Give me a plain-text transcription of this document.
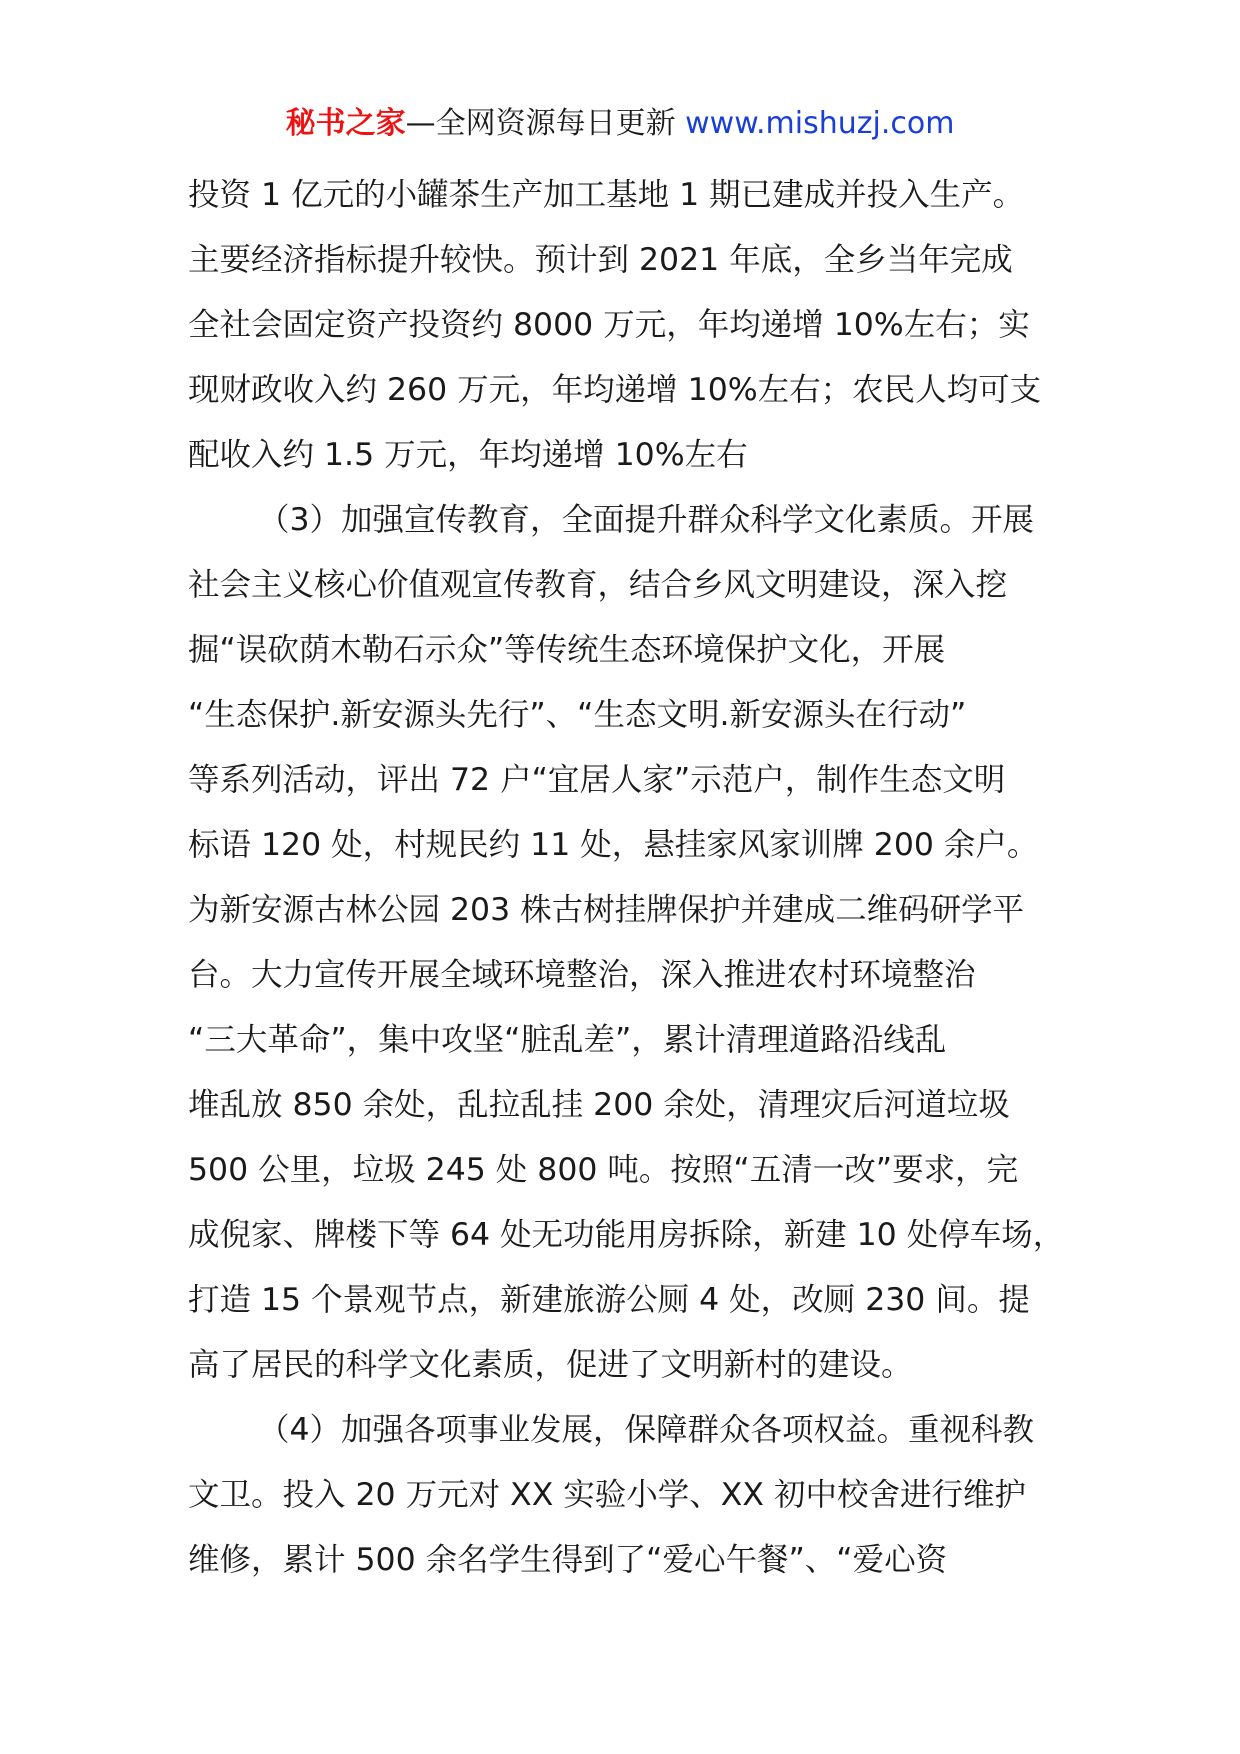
秘书之家—全网资源每日更新 www.mishuzj.com
投资 1 亿元的小罐茶生产加工基地 1 期已建成并投入生产。
主要经济指标提升较快。预计到 2021 年底，全乡当年完成
全社会固定资产投资约 8000 万元，年均递增 10%左右；实
现财政收入约 260 万元，年均递增 10%左右；农民人均可支
配收入约 1.5 万元，年均递增 10%左右
（3）加强宣传教育，全面提升群众科学文化素质。开展
社会主义核心价值观宣传教育，结合乡风文明建设，深入挖
掘“误砍荫木勒石示众”等传统生态环境保护文化，开展
“生态保护.新安源头先行”、“生态文明.新安源头在行动”
等系列活动，评出 72 户“宜居人家”示范户，制作生态文明
标语 120 处，村规民约 11 处，悬挂家风家训牌 200 余户。
为新安源古林公园 203 株古树挂牌保护并建成二维码研学平
台。大力宣传开展全域环境整治，深入推进农村环境整治
“三大革命”，集中攻坚“脏乱差”，累计清理道路沿线乱
堆乱放 850 余处，乱拉乱挂 200 余处，清理灾后河道垃圾
500 公里，垃圾 245 处 800 吨。按照“五清一改”要求，完
成倪家、牌楼下等 64 处无功能用房拆除，新建 10 处停车场，
打造 15 个景观节点，新建旅游公厕 4 处，改厕 230 间。提
高了居民的科学文化素质，促进了文明新村的建设。
（4）加强各项事业发展，保障群众各项权益。重视科教
文卫。投入 20 万元对 XX 实验小学、XX 初中校舍进行维护
维修，累计 500 余名学生得到了“爱心午餐”、“爱心资
